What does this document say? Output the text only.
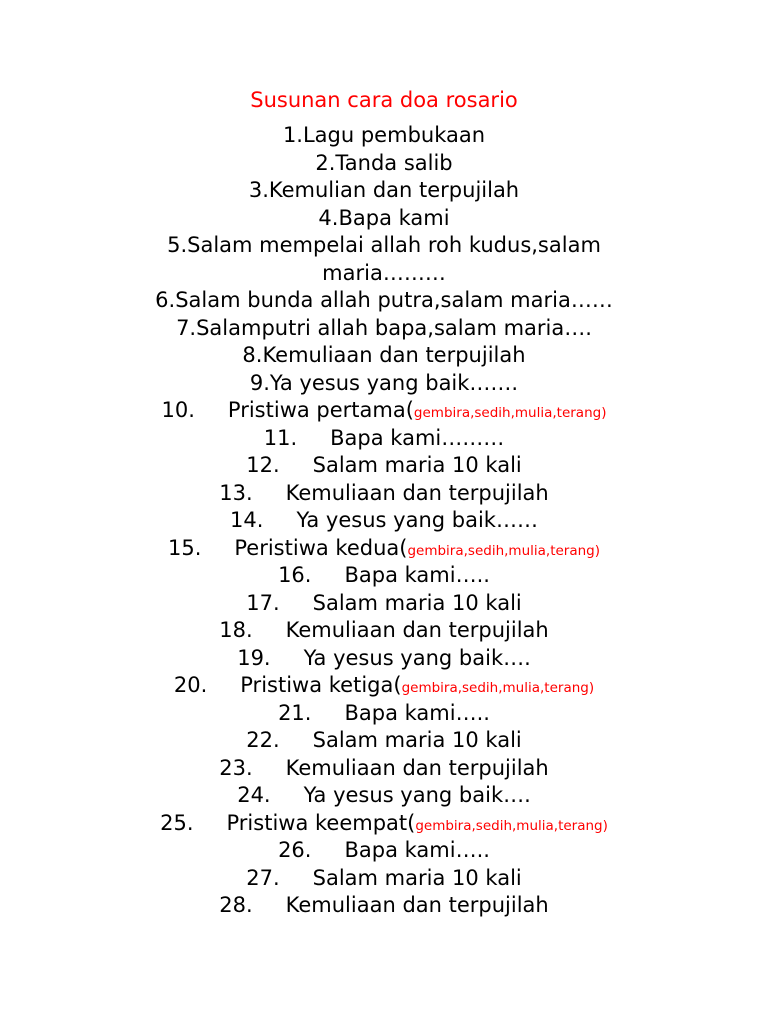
Susunan cara doa rosario
1.Lagu pembukaan
2.Tanda salib
3.Kemulian dan terpujilah
4.Bapa kami
5.Salam mempelai allah roh kudus,salam
maria………
6.Salam bunda allah putra,salam maria……
7.Salamputri allah bapa,salam maria….
8.Kemuliaan dan terpujilah
9.Ya yesus yang baik…….
10. Pristiwa pertama(gembira,sedih,mulia,terang)
11. Bapa kami………
12. Salam maria 10 kali
13. Kemuliaan dan terpujilah
14. Ya yesus yang baik……
15. Peristiwa kedua(gembira,sedih,mulia,terang)
16. Bapa kami…..
17. Salam maria 10 kali
18. Kemuliaan dan terpujilah
19. Ya yesus yang baik….
20. Pristiwa ketiga(gembira,sedih,mulia,terang)
21. Bapa kami…..
22. Salam maria 10 kali
23. Kemuliaan dan terpujilah
24. Ya yesus yang baik….
25. Pristiwa keempat(gembira,sedih,mulia,terang)
26. Bapa kami…..
27. Salam maria 10 kali
28. Kemuliaan dan terpujilah
